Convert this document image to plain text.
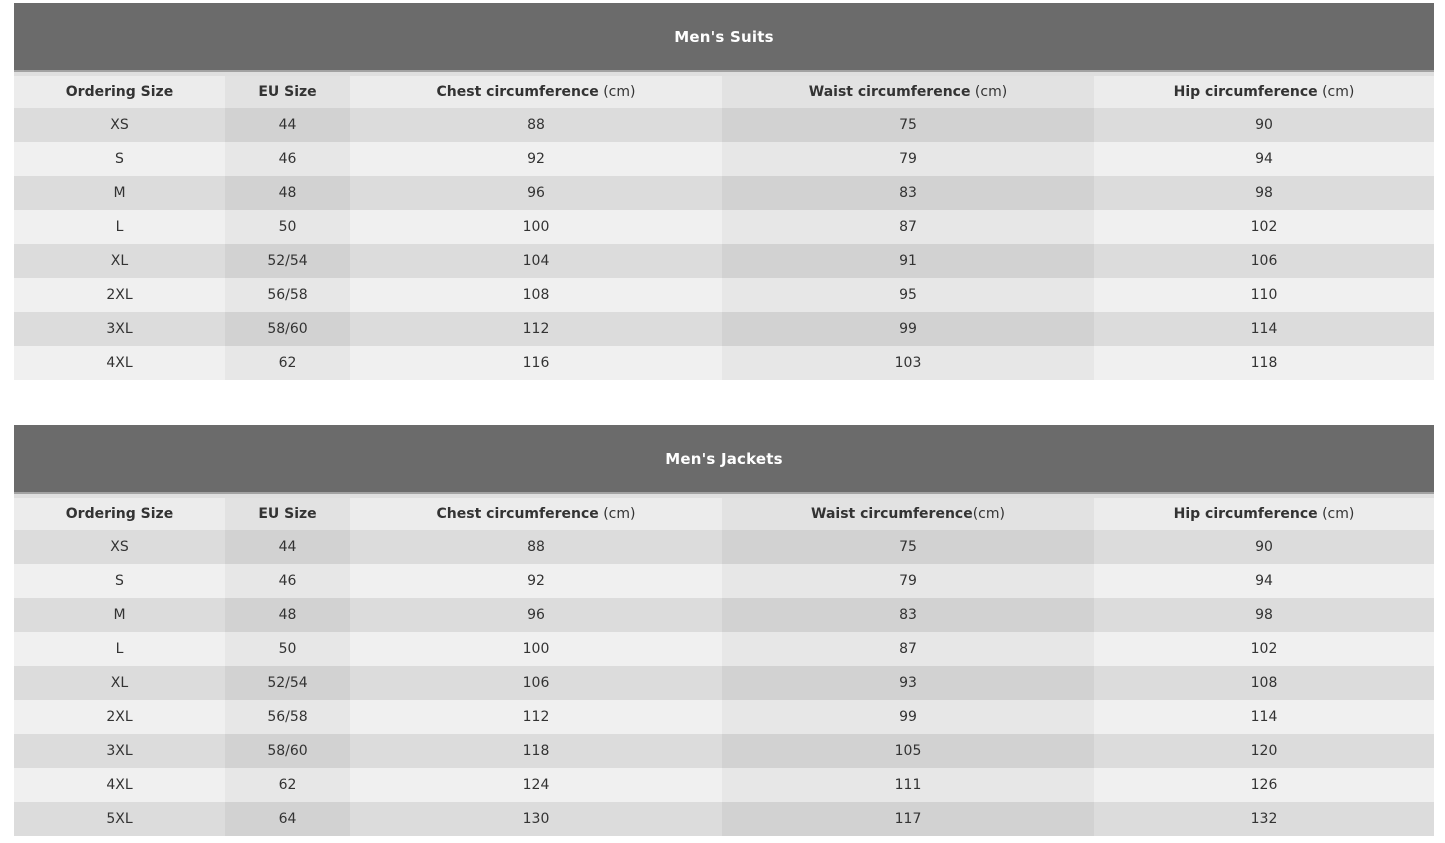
Men's Suits
Ordering Size	EU Size	Chest circumference (cm)	Waist circumference (cm)	Hip circumference (cm)
XS	44	88	75	90
S	46	92	79	94
M	48	96	83	98
L	50	100	87	102
XL	52/54	104	91	106
2XL	56/58	108	95	110
3XL	58/60	112	99	114
4XL	62	116	103	118
Men's Jackets
Ordering Size	EU Size	Chest circumference (cm)	Waist circumference(cm)	Hip circumference (cm)
XS	44	88	75	90
S	46	92	79	94
M	48	96	83	98
L	50	100	87	102
XL	52/54	106	93	108
2XL	56/58	112	99	114
3XL	58/60	118	105	120
4XL	62	124	111	126
5XL	64	130	117	132
